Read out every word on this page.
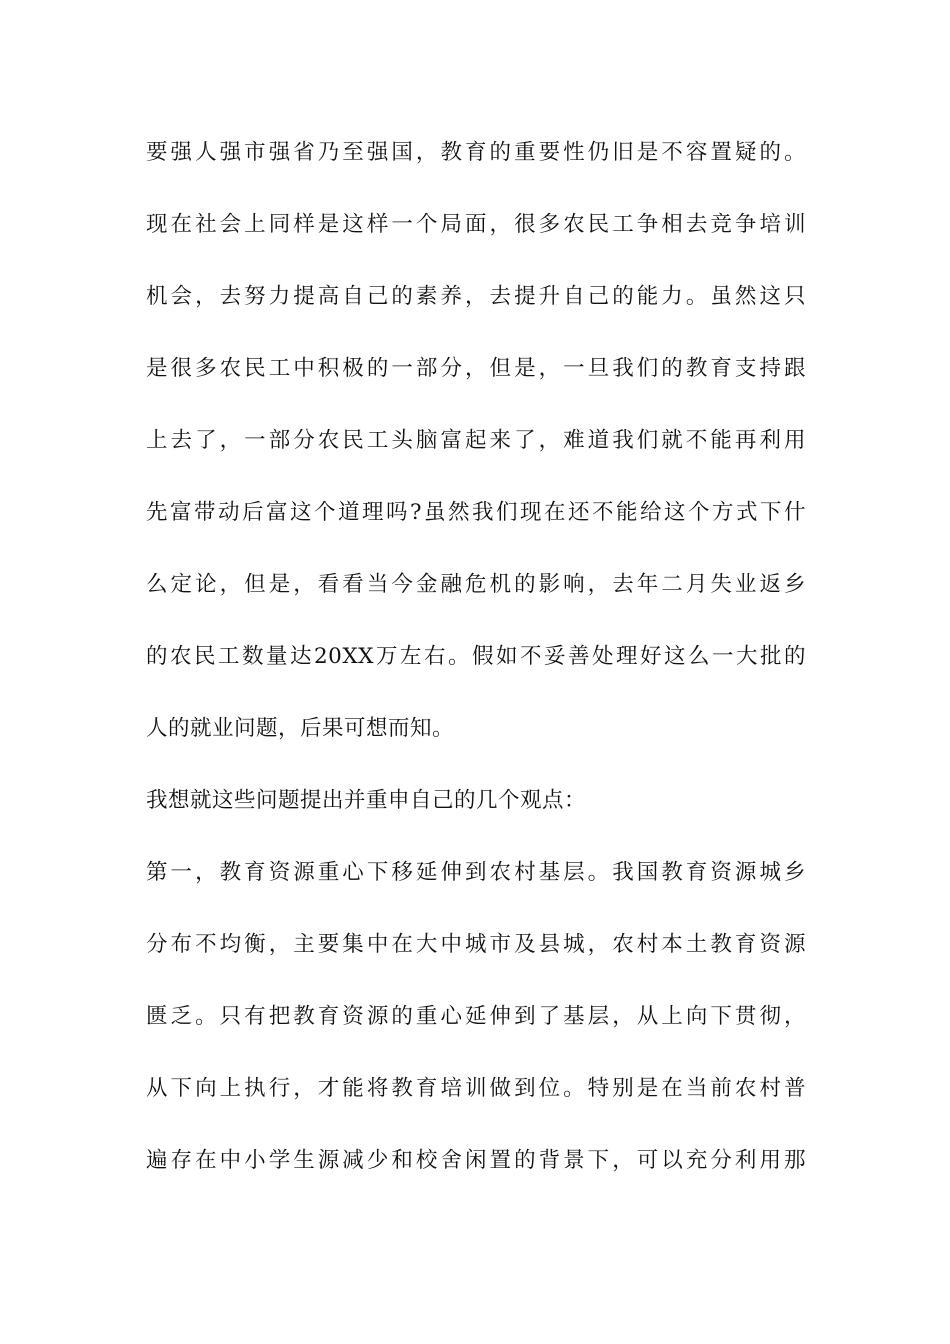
要强人强市强省乃至强国，教育的重要性仍旧是不容置疑的。
现在社会上同样是这样一个局面，很多农民工争相去竞争培训
机会，去努力提高自己的素养，去提升自己的能力。虽然这只
是很多农民工中积极的一部分，但是，一旦我们的教育支持跟
上去了，一部分农民工头脑富起来了，难道我们就不能再利用
先富带动后富这个道理吗?虽然我们现在还不能给这个方式下什
么定论，但是，看看当今金融危机的影响，去年二月失业返乡
的农民工数量达20XX万左右。假如不妥善处理好这么一大批的
人的就业问题，后果可想而知。
我想就这些问题提出并重申自己的几个观点：
第一，教育资源重心下移延伸到农村基层。我国教育资源城乡
分布不均衡，主要集中在大中城市及县城，农村本土教育资源
匮乏。只有把教育资源的重心延伸到了基层，从上向下贯彻，
从下向上执行，才能将教育培训做到位。特别是在当前农村普
遍存在中小学生源减少和校舍闲置的背景下，可以充分利用那
